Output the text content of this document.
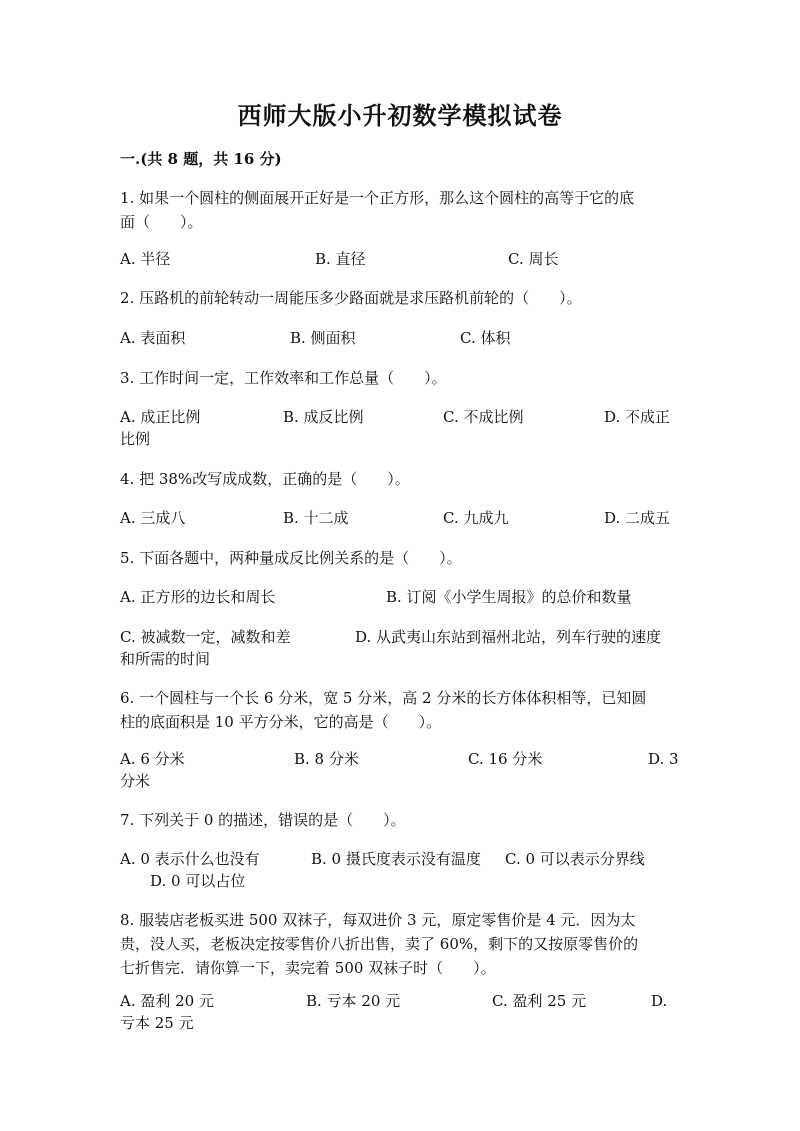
西师大版小升初数学模拟试卷
一.(共 8 题，共 16 分)
1. 如果一个圆柱的侧面展开正好是一个正方形，那么这个圆柱的高等于它的底
面（　　）。
A. 半径	B. 直径	C. 周长
2. 压路机的前轮转动一周能压多少路面就是求压路机前轮的（　　）。
A. 表面积	B. 侧面积	C. 体积
3. 工作时间一定，工作效率和工作总量（　　）。
A. 成正比例	B. 成反比例	C. 不成比例	D. 不成正
比例
4. 把 38%改写成成数，正确的是（　　）。
A. 三成八	B. 十二成	C. 九成九	D. 二成五
5. 下面各题中，两种量成反比例关系的是（　　）。
A. 正方形的边长和周长	B. 订阅《小学生周报》的总价和数量
C. 被减数一定，减数和差	D. 从武夷山东站到福州北站，列车行驶的速度
和所需的时间
6. 一个圆柱与一个长 6 分米，宽 5 分米，高 2 分米的长方体体积相等，已知圆
柱的底面积是 10 平方分米，它的高是（　　）。
A. 6 分米	B. 8 分米	C. 16 分米	D. 3
分米
7. 下列关于 0 的描述，错误的是（　　）。
A. 0 表示什么也没有	B. 0 摄氏度表示没有温度 C. 0 可以表示分界线
D. 0 可以占位
8. 服装店老板买进 500 双袜子，每双进价 3 元，原定零售价是 4 元．因为太
贵，没人买，老板决定按零售价八折出售，卖了 60%，剩下的又按原零售价的
七折售完．请你算一下，卖完着 500 双袜子时（　　）。
A. 盈利 20 元	B. 亏本 20 元	C. 盈利 25 元	D.
亏本 25 元
